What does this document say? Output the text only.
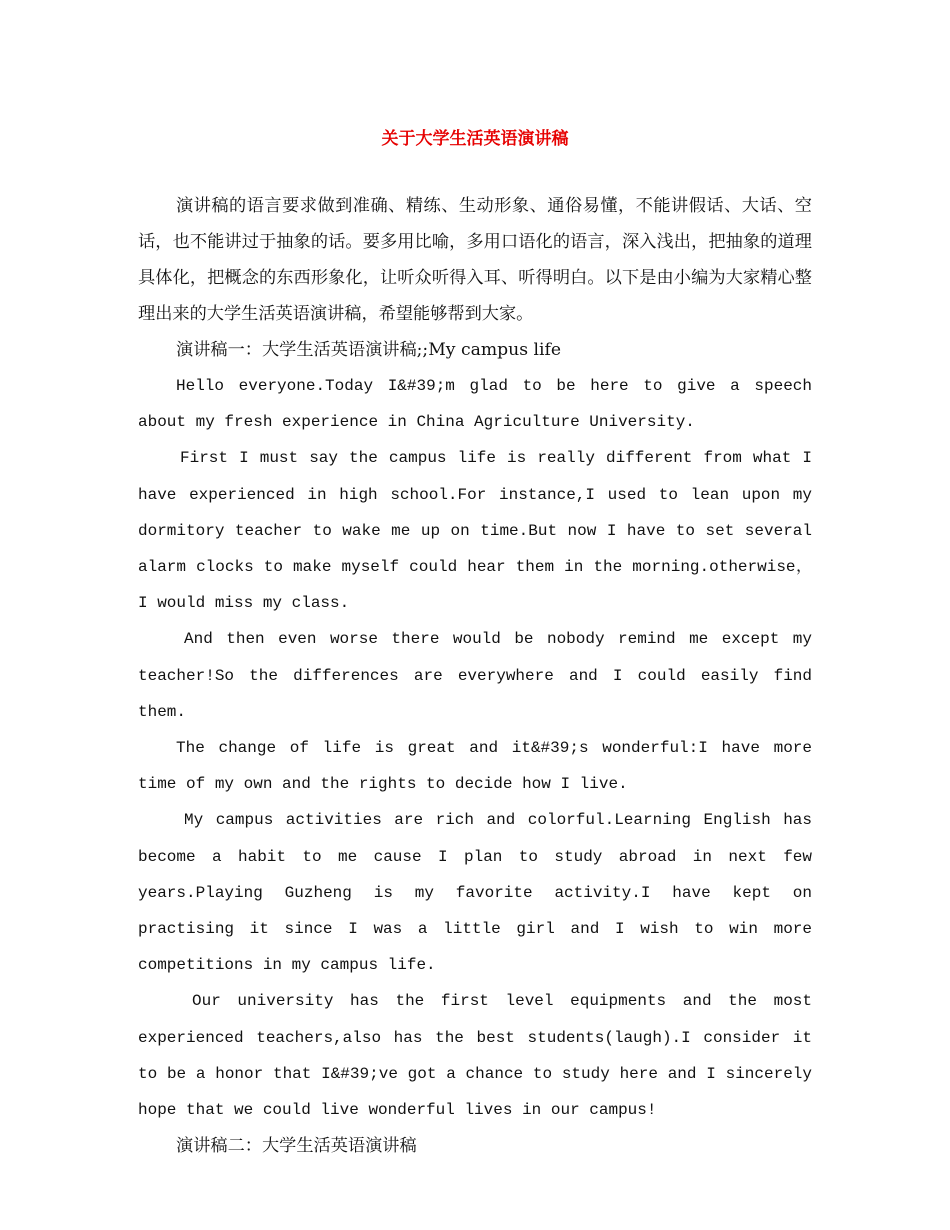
关于大学生活英语演讲稿

演讲稿的语言要求做到准确、精练、生动形象、通俗易懂，不能讲假话、大话、空话，也不能讲过于抽象的话。要多用比喻，多用口语化的语言，深入浅出，把抽象的道理具体化，把概念的东西形象化，让听众听得入耳、听得明白。以下是由小编为大家精心整理出来的大学生活英语演讲稿，希望能够帮到大家。

演讲稿一：大学生活英语演讲稿;;My campus life

Hello everyone.Today I&#39;m glad to be here to give a speech about my fresh experience in China Agriculture University.

First I must say the campus life is really different from what I have experienced in high school.For instance,I used to lean upon my dormitory teacher to wake me up on time.But now I have to set several alarm clocks to make myself could hear them in the morning.otherwise，I would miss my class.

And then even worse there would be nobody remind me except my teacher!So the differences are everywhere and I could easily find them.

The change of life is great and it&#39;s wonderful:I have more time of my own and the rights to decide how I live.

My campus activities are rich and colorful.Learning English has become a habit to me cause I plan to study abroad in next few years.Playing Guzheng is my favorite activity.I have kept on practising it since I was a little girl and I wish to win more competitions in my campus life.

Our university has the first level equipments and the most experienced teachers,also has the best students(laugh).I consider it to be a honor that I&#39;ve got a chance to study here and I sincerely hope that we could live wonderful lives in our campus!

演讲稿二：大学生活英语演讲稿
